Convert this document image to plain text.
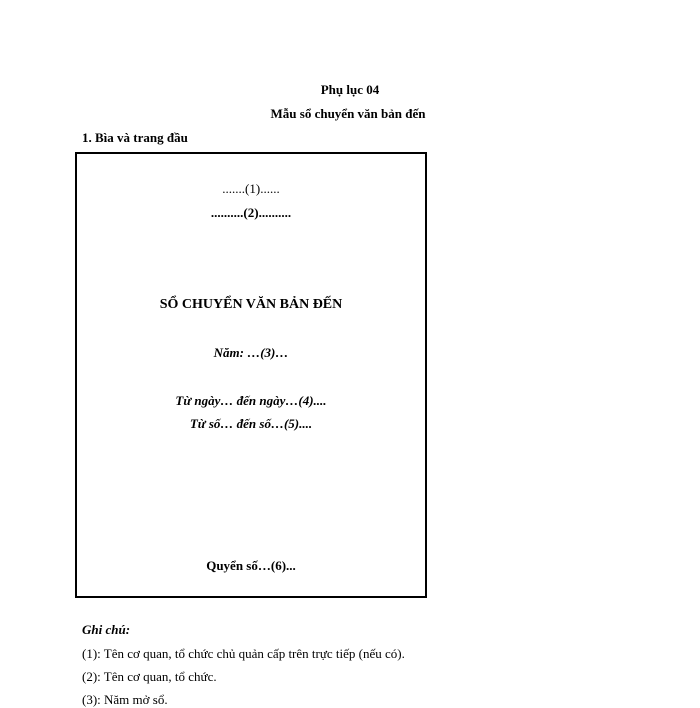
Phụ lục 04
Mẫu sổ chuyển văn bản đến
1. Bìa và trang đầu
.......(1)......
..........(2)..........
SỔ CHUYỂN VĂN BẢN ĐẾN
Năm: …(3)…
Từ ngày… đến ngày…(4)....
Từ số… đến số…(5)....
Quyển số…(6)...
Ghi chú:
(1): Tên cơ quan, tổ chức chủ quản cấp trên trực tiếp (nếu có).
(2): Tên cơ quan, tổ chức.
(3): Năm mở sổ.
